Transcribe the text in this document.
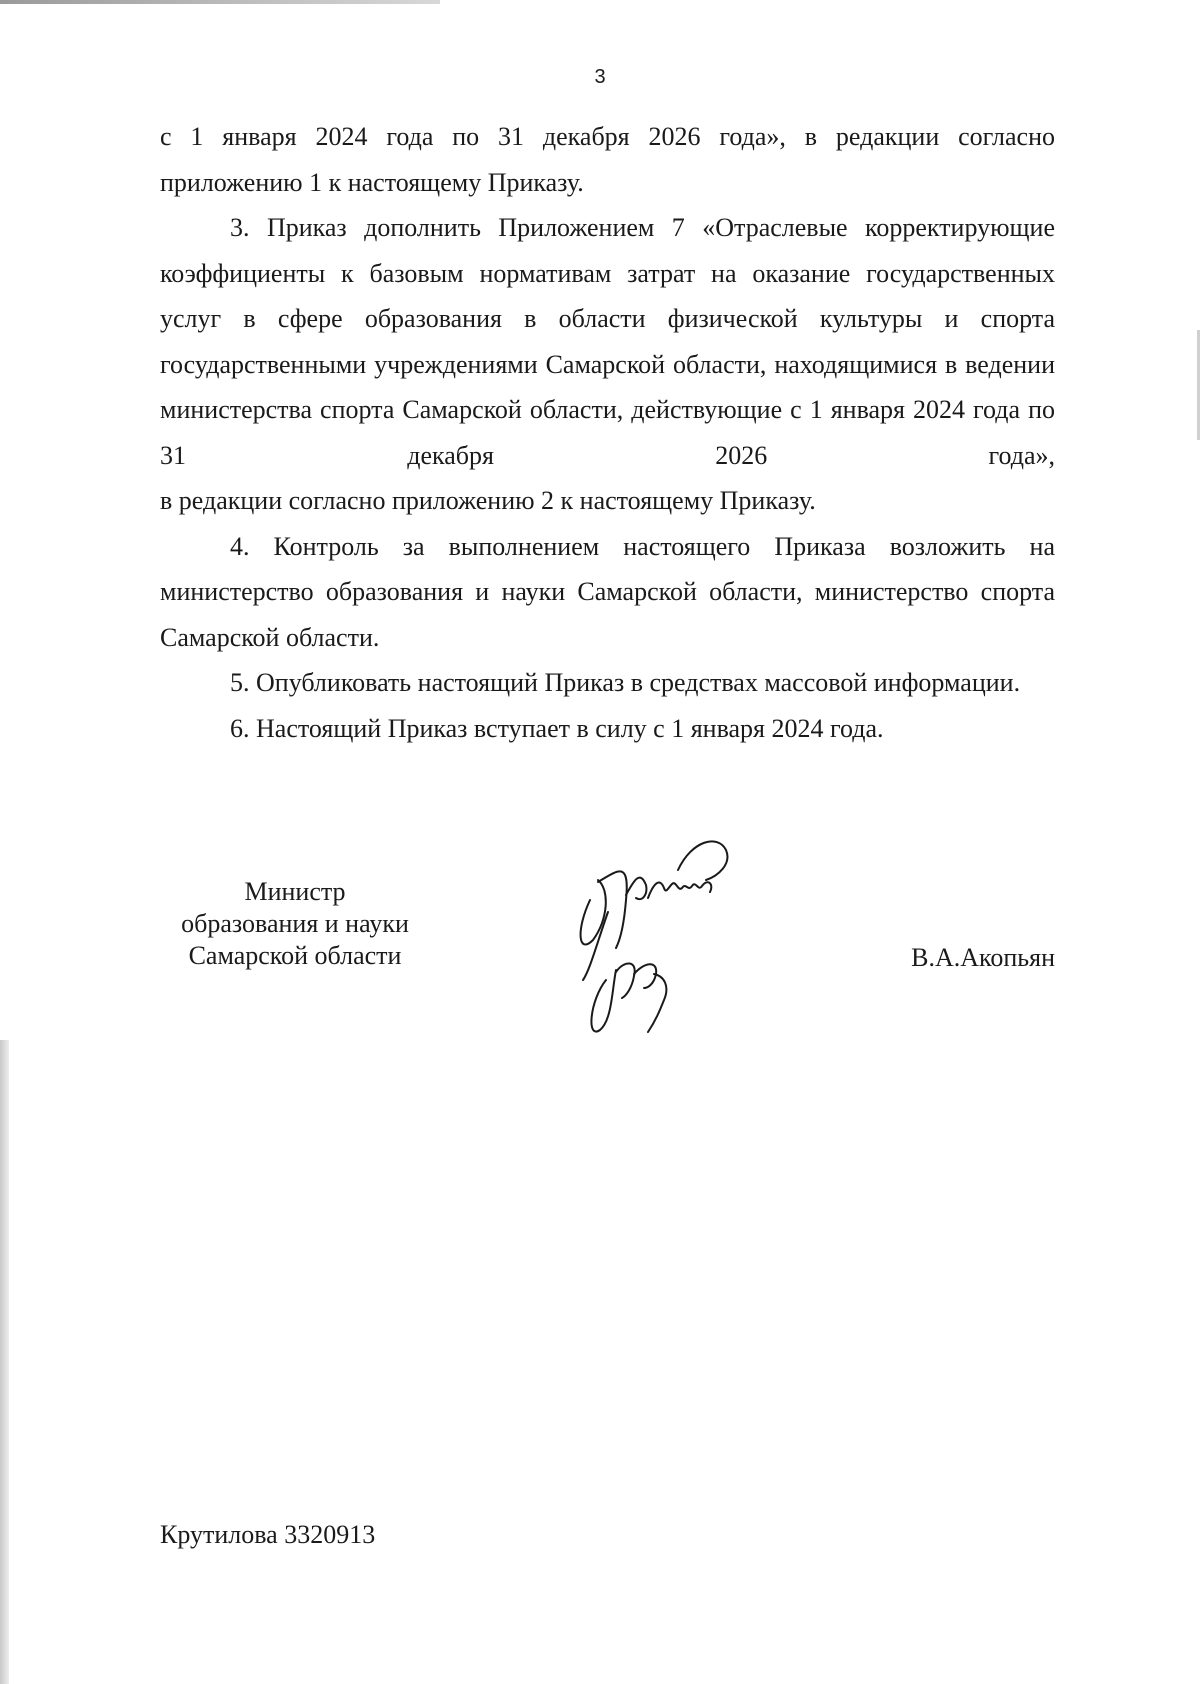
3

с 1 января 2024 года по 31 декабря 2026 года», в редакции согласно приложению 1 к настоящему Приказу.

3. Приказ дополнить Приложением 7 «Отраслевые корректирующие коэффициенты к базовым нормативам затрат на оказание государственных услуг в сфере образования в области физической культуры и спорта государственными учреждениями Самарской области, находящимися в ведении министерства спорта Самарской области, действующие с 1 января 2024 года по 31 декабря 2026 года»,

в редакции согласно приложению 2 к настоящему Приказу.

4. Контроль за выполнением настоящего Приказа возложить на министерство образования и науки Самарской области, министерство спорта Самарской области.

5. Опубликовать настоящий Приказ в средствах массовой информации.

6. Настоящий Приказ вступает в силу с 1 января 2024 года.

Министр
образования и науки
Самарской области	В.А.Акопьян
Крутилова 3320913
